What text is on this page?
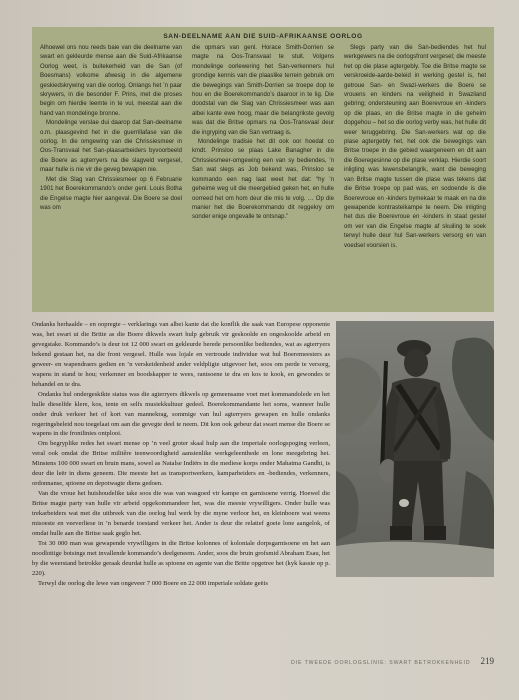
SAN-DEELNAME AAN DIE SUID-AFRIKAANSE OORLOG

Alhoewel ons nou reeds baie van die deelname van swart en gekleurde mense aan die Suid-Afrikaanse Oorlog weet, is buitekerheid van die San (of Boesmans) volkome afwesig in die algemene geskiedskrywing van die oorlog. Onlangs het ’n paar skrywers, in die besonder F. Prins, met die proses begin om hierdie leemte in te vul, meestal aan die hand van mondelinge bronne.

Mondelinge verslae dui daarop dat San-deelname o.m. plaasgevind het in die guerrillafase van die oorlog. In die omgewing van die Chrissiesmeer in Oos-Transvaal het San-plaasarbeiders byvoorbeeld die Boere as agterryers na die slagveld vergesel, maar hulle is nie vir die geveg bewapen nie.

Met die Slag van Chrissiesmeer op 6 Februarie 1901 het Boerekommando’s onder genl. Louis Botha die Engelse magte hier aangeval. Die Boere se doel was om

die opmars van genl. Horace Smith-Dorrien se magte na Oos-Transvaal te stuit. Volgens mondelinge oorlewering het San-verkenners hul grondige kennis van die plaaslike terrein gebruik om die bewegings van Smith-Dorrien se troepe dop te hou en die Boerekommando’s daaroor in te lig. Die doodstal van die Slag van Chrissiesmeer was aan albei kante ewe hoog, maar die belangrikste gevolg was dat die Britse opmars na Oos-Transvaal deur die ingryping van die San vertraag is.

Mondelinge tradisie het dit ook oor hoedat co kmdt. Prinsloo se plaas Lake Banagher in die Chrissiesmeer-omgewing een van sy bediendes, ’n San wat slegs as Job bekend was, Prinsloo se kommando een nag laat weet het dat: “hy ’n geheime weg uit die meergebied geken het, en hulle oorreed het om hom deur die mis te volg. … Op die manier het die Boerekommando dit reggekry om sonder enige ongevalle te ontsnap.”

Slegs party van die San-bediendes het hul werkgewers na die oorlogsfront vergesel; die meeste het op die plase agtergebly. Toe die Britse magte se verskroeide-aarde-beleid in werking gestel is, het getroue San- en Swazi-werkers die Boere se vrouens en kinders na veiligheid in Swaziland gebring; ondersteuning aan Boerevroue en -kinders op die plaas, en die Britse magte in die geheim dopgehou – het so die oorlog verby was, het hulle dit weer teruggebring. Die San-werkers wat op die plase agtergebly het, het ook die bewegings van Britse troepe in die gebied waargeneem en dit aan die Boeregesinne op die plase verklap. Hierdie soort inligting was lewensbelangrik, want die beweging van Britse magte tussen die plase was tekens dat die Britse troepe op pad was, en sodoende is die Boerevroue en -kinders bymekaar te maak en na die gewapende kontrasteikampe te neem. Die inligting het dus die Boerevroue en -kinders in staat gestel om ver van die Engelse magte af skuiling te soek terwyl hulle deur hul San-werkers versorg en van voedsel voorsien is.

Ondanks herhaalde – en oopregte – verklarings van albei kante dat die konflik die saak van Europese opponente was, het swart ui die Britte as die Boere dikwels swart hulp gebruik vir geskoolde en ongeskoolde arbeid en gevegstake. Kommando’s is deur tot 12 000 swart en gekleurde berede persoonlike bediendes, wat as agterryers bekend gestaan het, na die front vergesel. Hulle was lojale en vertroude individue wat hul Boeremeesters as geweer- en wapendraers gedien en ’n verskeidenheid ander veldpligte uitgevoer het, soos om perde te versorg, wapens in stand te hou; verkenner en boodskapper te wees, rantsoene te dra en kos te kook, en gewondes te behandel en te dra.

Ondanks hul ondergeskikte status was die agterryers dikwels op gemeensame voet met kommandolede en het hulle dieselfde klere, kos, tente en selfs musiekkultuur gedeel. Boerekommandante het soms, wanneer hulle onder druk verkeer het of kort van mannekrag, sommige van hul agterryers gewapen en hulle ondanks regeringsbeleid nou toegelaat om aan die gevegte deel te neem. Dit kon ook gebeur dat swart mense die Boere se wapens in die frontlinies ontplooi.

Om begryplike redes het swart mense op ’n veel groter skaal hulp aan die imperiale oorlogspoging verleen, veral ook omdat die Britse militêre teenwoordigheid aansienlike werkgeleenthede en lone meegebring het. Minstens 100 000 swart en bruin mans, sowel as Natalse Indiërs in die mediese korps onder Mahatma Gandhi, is deur die leër in diens geneem. Die meeste het as transportwerkers, kamparbeiders en -bediendes, verkenners, ordonnanse, spioene en depotwagte diens gedoen.

Van die vroue het huishoudelike take soos die was van wasgoed vir kampe en garnisoene verrig. Hoewel die Britse magte party van hulle vir arbeid opgekommandeer het, was die meeste vrywilligers. Onder hulle was trekarbeiders wat met die uitbreek van die oorlog hul werk by die myne verloor het, en kleinboere wat weens misoeste en veeverliese in ’n benarde toestand verkeer het. Ander is deur die relatief goeie lone aangelok, of omdat hulle aan die Britse saak geglo het.

Tot 30 000 man was gewapende vrywilligers in die Britse kolonnes of koloniale dorpsgarnisoene en het aan noodlottige botsings met invallende kommando’s deelgeneem. Ander, soos die bruin grofsmid Abraham Esau, het by die weerstand betrokke geraak deurdat hulle as spioene en agente van die Britte opgetree het (kyk kassie op p. 220).

Terwyl die oorlog die lewe van ongeveer 7 000 Boere en 22 000 imperiale soldate geëis

DIE TWEEDE OORLOGSLINIE: SWART BETROKKENHEID 219
